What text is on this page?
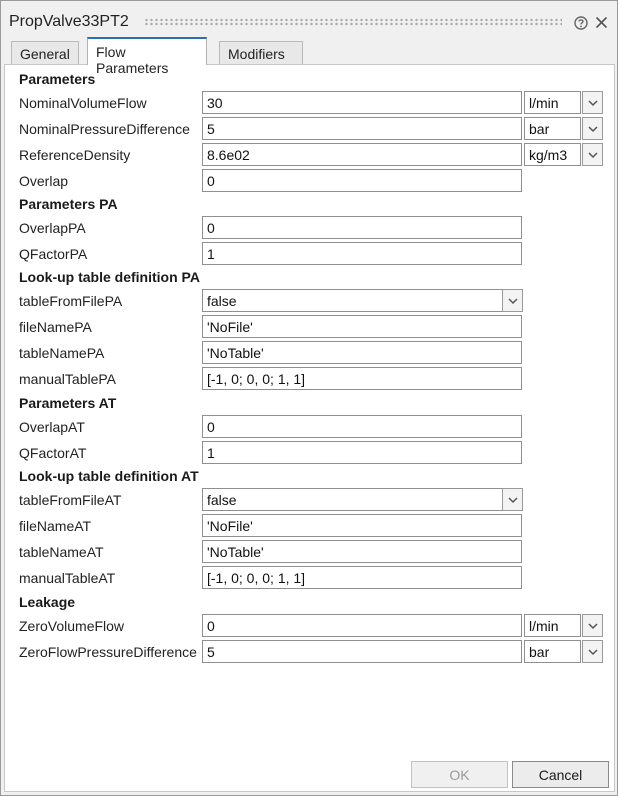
PropValve33PT2
General	Flow Parameters
Modifiers
Parameters
NominalVolumeFlow	30	l/min
NominalPressureDifference	5	bar
ReferenceDensity	8.6e02	kg/m3
Overlap	0
Parameters PA
OverlapPA	0
QFactorPA	1
Look-up table definition PA
tableFromFilePA	false
fileNamePA	'NoFile'
tableNamePA	'NoTable'
manualTablePA	[-1, 0; 0, 0; 1, 1]
Parameters AT
OverlapAT	0
QFactorAT	1
Look-up table definition AT
tableFromFileAT	false
fileNameAT	'NoFile'
tableNameAT	'NoTable'
manualTableAT	[-1, 0; 0, 0; 1, 1]
Leakage
ZeroVolumeFlow	0	l/min
ZeroFlowPressureDifference 5	bar
OK	Cancel
